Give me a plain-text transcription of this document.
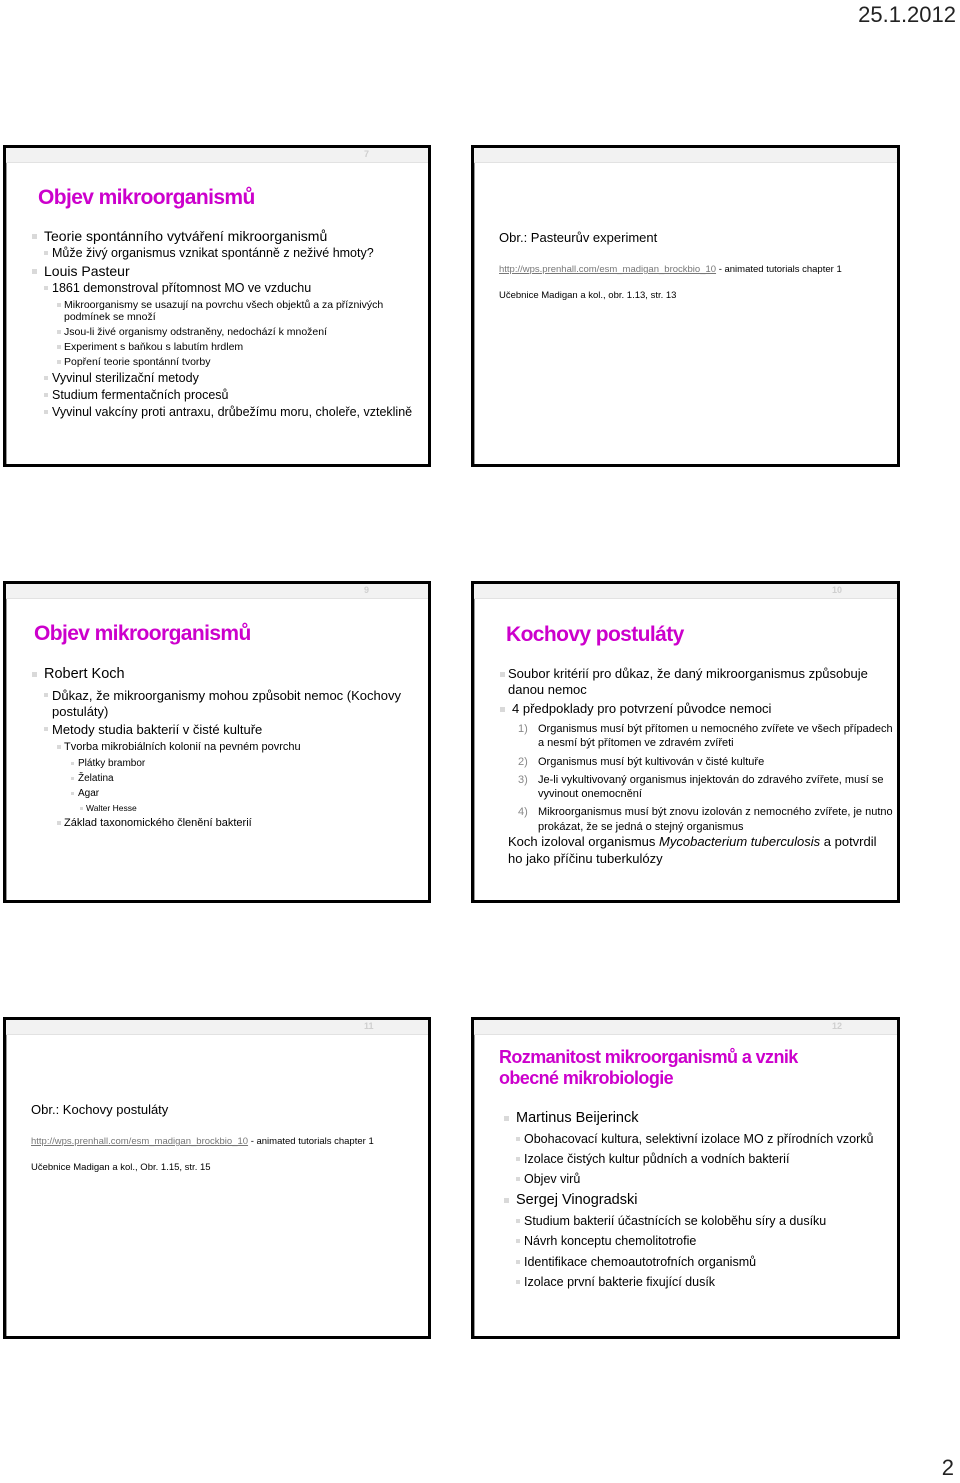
25.1.2012
7
Objev mikroorganismů
Teorie spontánního vytváření mikroorganismů
Může živý organismus vznikat spontánně z neživé hmoty?
Louis Pasteur
1861 demonstroval přítomnost MO ve vzduchu
Mikroorganismy se usazují na povrchu všech objektů a za příznivých podmínek se množí
Jsou-li živé organismy odstraněny, nedochází k množení
Experiment s baňkou s labutím hrdlem
Popření teorie spontánní tvorby
Vyvinul sterilizační metody
Studium fermentačních procesů
Vyvinul vakcíny proti antraxu, drůbežímu moru, choleře, vzteklině

Obr.: Pasteurův experiment

http://wps.prenhall.com/esm_madigan_brockbio_10 - animated tutorials chapter 1

Učebnice Madigan a kol., obr. 1.13, str. 13

9
Objev mikroorganismů
Robert Koch
Důkaz, že mikroorganismy mohou způsobit nemoc (Kochovy postuláty)
Metody studia bakterií v čisté kultuře
Tvorba mikrobiálních kolonií na pevném povrchu
Plátky brambor
Želatina
Agar
Walter Hesse
Základ taxonomického členění bakterií
10
Kochovy postuláty
Soubor kritérií pro důkaz, že daný mikroorganismus způsobuje danou nemoc
4 předpoklady pro potvrzení původce nemoci
1) Organismus musí být přítomen u nemocného zvířete ve všech případech a nesmí být přítomen ve zdravém zvířeti
2) Organismus musí být kultivován v čisté kultuře
3) Je-li vykultivovaný organismus injektován do zdravého zvířete, musí se vyvinout onemocnění
4) Mikroorganismus musí být znovu izolován z nemocného zvířete, je nutno prokázat, že se jedná o stejný organismus

Koch izoloval organismus Mycobacterium tuberculosis a potvrdil ho jako příčinu tuberkulózy

11

Obr.: Kochovy postuláty

http://wps.prenhall.com/esm_madigan_brockbio_10 - animated tutorials chapter 1

Učebnice Madigan a kol., Obr. 1.15, str. 15

12
Rozmanitost mikroorganismů a vznik
obecné mikrobiologie
Martinus Beijerinck
Obohacovací kultura, selektivní izolace MO z přírodních vzorků
Izolace čistých kultur půdních a vodních bakterií
Objev virů
Sergej Vinogradski
Studium bakterií účastnících se koloběhu síry a dusíku
Návrh konceptu chemolitotrofie
Identifikace chemoautotrofních organismů
Izolace první bakterie fixující dusík
2
